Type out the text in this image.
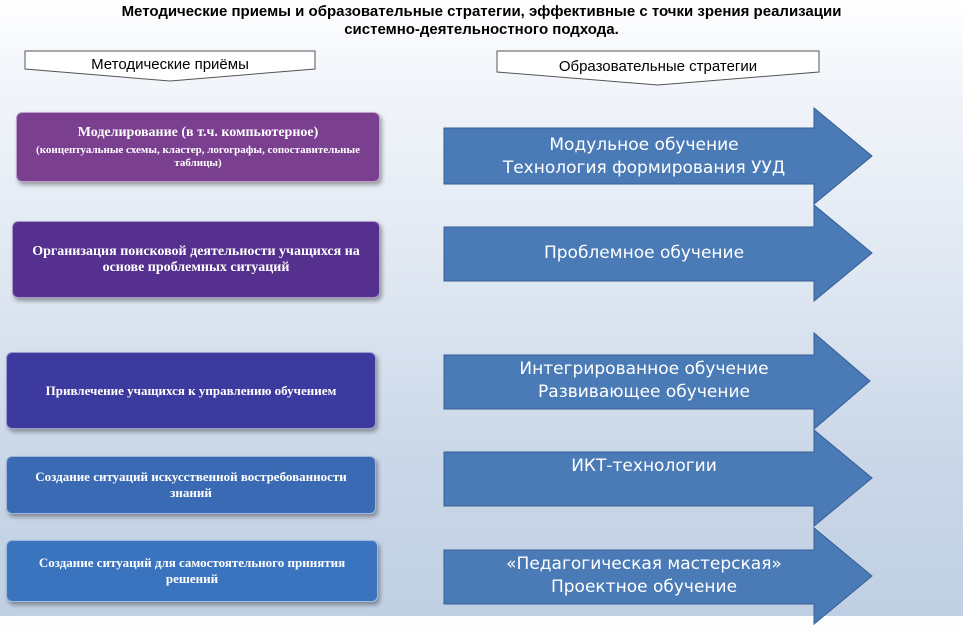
Методические приемы и образовательные стратегии, эффективные с точки зрения реализации
системно-деятельностного подхода.
Методические приёмы	Образовательные стратегии
Моделирование (в т.ч. компьютерное)
(концептуальные схемы, кластер, логографы, сопоставительные таблицы)
Организация поисковой деятельности учащихся на основе проблемных ситуаций
Привлечение учащихся к управлению обучением
Создание ситуаций искусственной востребованности знаний
Создание ситуаций для самостоятельного принятия решений
Модульное обучение
Технология формирования УУД
Проблемное обучение
Интегрированное обучение
Развивающее обучение
ИКТ-технологии
«Педагогическая мастерская»
Проектное обучение
